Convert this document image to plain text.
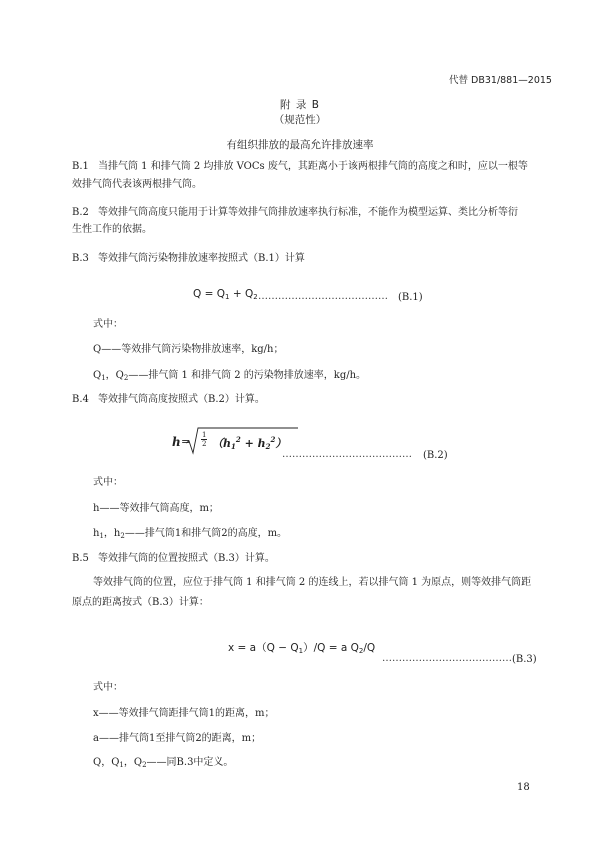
代替 DB31/881—2015
附 录 B
（规范性）
有组织排放的最高允许排放速率
B.1 当排气筒 1 和排气筒 2 均排放 VOCs 废气，其距离小于该两根排气筒的高度之和时，应以一根等
效排气筒代表该两根排气筒。
B.2 等效排气筒高度只能用于计算等效排气筒排放速率执行标准，不能作为模型运算、类比分析等衍
生性工作的依据。
B.3 等效排气筒污染物排放速率按照式（B.1）计算
$Q = Q_1 + Q_2$ ………………………………… (B.1)
式中：
Q——等效排气筒污染物排放速率，kg/h；
$Q_1$，$Q_2——$排气筒 1 和排气筒 2 的污染物排放速率，kg/h。
B.4 等效排气筒高度按照式（B.2）计算。
$h = \frac{1}{2} (h_1^2 + h_2^2)$
………………………………… (B.2)
式中：
h——等效排气筒高度，m；
$h_1$，$h_2——$排气筒1和排气筒2的高度，m。
B.5 等效排气筒的位置按照式（B.3）计算。
等效排气筒的位置，应位于排气筒 1 和排气筒 2 的连线上，若以排气筒 1 为原点，则等效排气筒距
原点的距离按式（B.3）计算：
$x = a(Q - Q_1)/Q = a$ $Q_2/Q$
………………………………… (B.3)
式中：
x——等效排气筒距排气筒1的距离，m；
a——排气筒1至排气筒2的距离，m；
Q，$Q_1$，$Q_2——$同B.3中定义。
18
